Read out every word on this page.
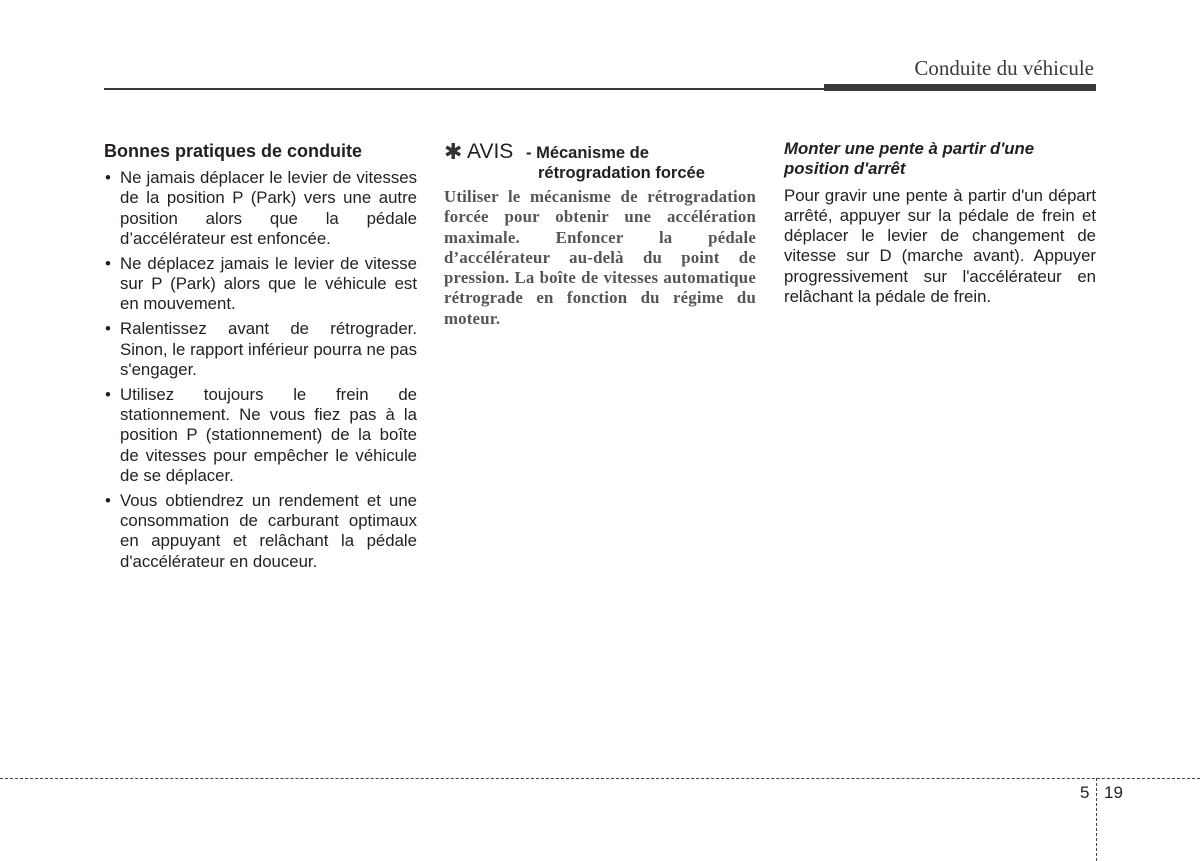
Conduite du véhicule
Bonnes pratiques de conduite
• Ne jamais déplacer le levier de vitesses de la position P (Park) vers une autre position alors que la pédale d’accélérateur est enfoncée.
• Ne déplacez jamais le levier de vitesse sur P (Park) alors que le véhicule est en mouvement.
• Ralentissez avant de rétrograder. Sinon, le rapport inférieur pourra ne pas s'engager.
• Utilisez toujours le frein de stationnement. Ne vous fiez pas à la position P (stationnement) de la boîte de vitesses pour empêcher le véhicule de se déplacer.
• Vous obtiendrez un rendement et une consommation de carburant optimaux en appuyant et relâchant la pédale d'accélérateur en douceur.
✱ AVIS - Mécanisme de
rétrogradation forcée
Utiliser le mécanisme de rétrogradation forcée pour obtenir une accélération maximale. Enfoncer la pédale d’accélérateur au-delà du point de pression. La boîte de vitesses automatique rétrograde en fonction du régime du moteur.
Monter une pente à partir d'une position d'arrêt
Pour gravir une pente à partir d'un départ arrêté, appuyer sur la pédale de frein et déplacer le levier de changement de vitesse sur D (marche avant). Appuyer progressivement sur l'accélérateur en relâchant la pédale de frein.
5 19
